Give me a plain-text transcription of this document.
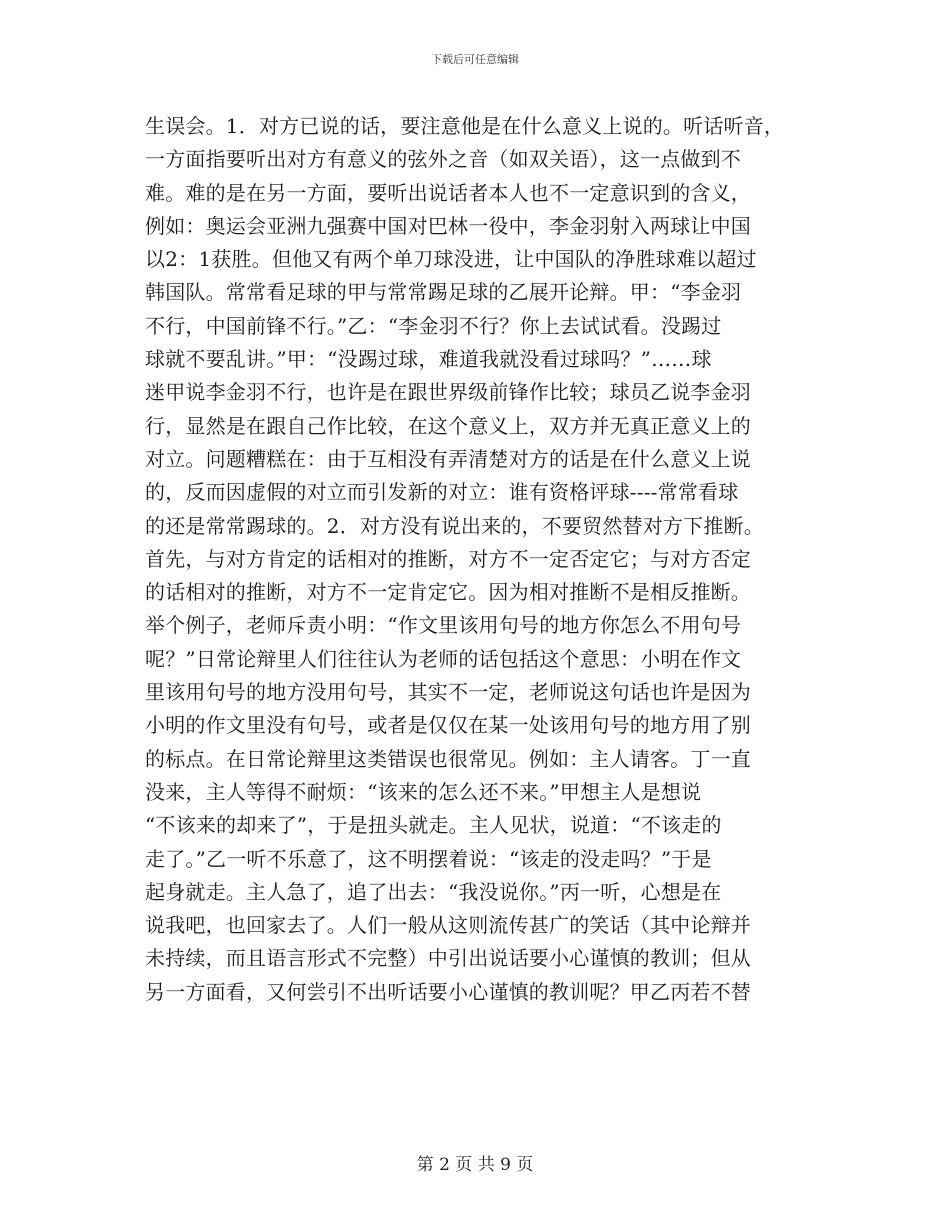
下载后可任意编辑
生误会。1．对方已说的话，要注意他是在什么意义上说的。听话听音，
一方面指要听出对方有意义的弦外之音（如双关语），这一点做到不
难。难的是在另一方面，要听出说话者本人也不一定意识到的含义，
例如：奥运会亚洲九强赛中国对巴林一役中，李金羽射入两球让中国
以2：1获胜。但他又有两个单刀球没进，让中国队的净胜球难以超过
韩国队。常常看足球的甲与常常踢足球的乙展开论辩。甲：“李金羽
不行，中国前锋不行。”乙：“李金羽不行？你上去试试看。没踢过
球就不要乱讲。”甲：“没踢过球，难道我就没看过球吗？”……球
迷甲说李金羽不行，也许是在跟世界级前锋作比较；球员乙说李金羽
行，显然是在跟自己作比较，在这个意义上，双方并无真正意义上的
对立。问题糟糕在：由于互相没有弄清楚对方的话是在什么意义上说
的，反而因虚假的对立而引发新的对立：谁有资格评球----常常看球
的还是常常踢球的。2．对方没有说出来的，不要贸然替对方下推断。
首先，与对方肯定的话相对的推断，对方不一定否定它；与对方否定
的话相对的推断，对方不一定肯定它。因为相对推断不是相反推断。
举个例子，老师斥责小明：“作文里该用句号的地方你怎么不用句号
呢？”日常论辩里人们往往认为老师的话包括这个意思：小明在作文
里该用句号的地方没用句号，其实不一定，老师说这句话也许是因为
小明的作文里没有句号，或者是仅仅在某一处该用句号的地方用了别
的标点。在日常论辩里这类错误也很常见。例如：主人请客。丁一直
没来，主人等得不耐烦：“该来的怎么还不来。”甲想主人是想说
“不该来的却来了”，于是扭头就走。主人见状，说道：“不该走的
走了。”乙一听不乐意了，这不明摆着说：“该走的没走吗？”于是
起身就走。主人急了，追了出去：“我没说你。”丙一听，心想是在
说我吧，也回家去了。人们一般从这则流传甚广的笑话（其中论辩并
未持续，而且语言形式不完整）中引出说话要小心谨慎的教训；但从
另一方面看，又何尝引不出听话要小心谨慎的教训呢？甲乙丙若不替
第 2 页 共 9 页
